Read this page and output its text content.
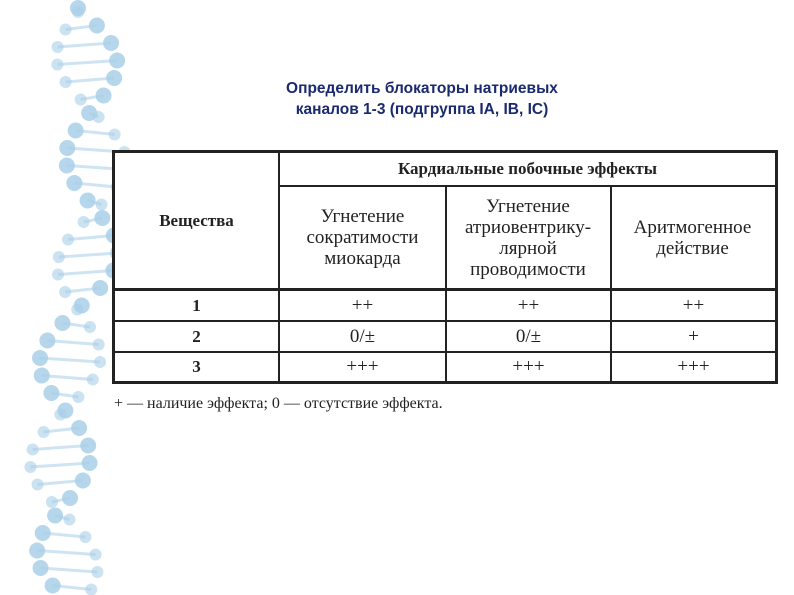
Определить блокаторы натриевых
каналов 1-3 (подгруппа IA, IB, IC)
Вещества
Кардиальные побочные эффекты
Угнетение сократимости миокарда
Угнетение атриовентрику-лярной проводимости
Аритмогенное действие
1	++	++	++
2	0/±	0/±	+
3	+++	+++	+++
+ — наличие эффекта; 0 — отсутствие эффекта.
